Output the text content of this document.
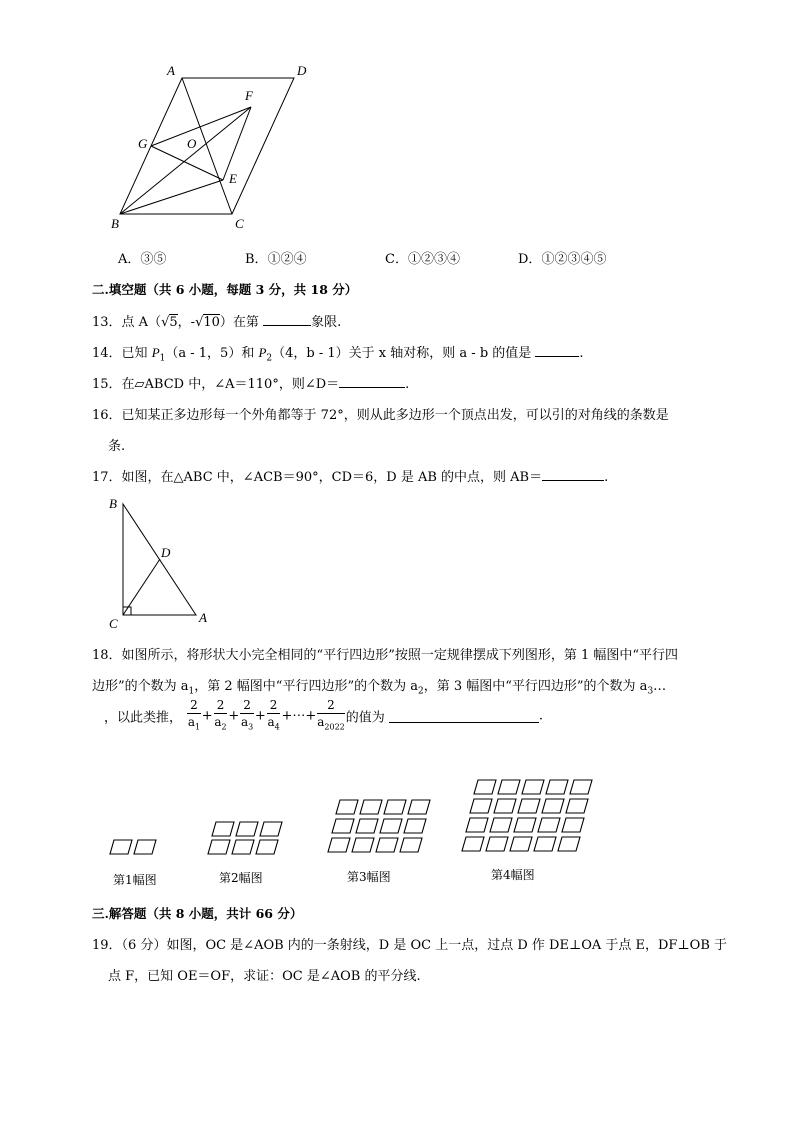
A	D
F
G	O
E
B	C
A．③⑤	B．①②④	C．①②③④	D．①②③④⑤
二.填空题（共 6 小题，每题 3 分，共 18 分）
13．点 A（√5，-√10）在第	象限.
14．已知 $P_1(a - 1$，5）和 $P_2(4$，b - 1）关于 x 轴对称，则 a - b 的值是	.
15．在▱ABCD 中，∠A＝110°，则∠D＝	.
16．已知某正多边形每一个外角都等于 72°，则从此多边形一个顶点出发，可以引的对角线的条数是
条.
17．如图，在△ABC 中，∠ACB＝90°，CD＝6，D 是 AB 的中点，则 AB＝	.
B
D
C	A
18．如图所示，将形状大小完全相同的“平行四边形”按照一定规律摆成下列图形，第 1 幅图中“平行四
边形”的个数为 $a_1$，第 2 幅图中“平行四边形”的个数为 $a_2$，第 3 幅图中“平行四边形”的个数为 $a_3\dots$
，以此类推， $\frac{2}{a_1} + \frac{2}{a_2} + \frac{2}{a_3} + \frac{2}{a_4}$ +⋯+ $\frac{2}{a_{2022}}$ 的值为	.
第1幅图	第2幅图	第3幅图	第4幅图
三.解答题（共 8 小题，共计 66 分）
19．（6 分）如图，OC 是∠AOB 内的一条射线，D 是 OC 上一点，过点 D 作 DE⊥OA 于点 E，DF⊥OB 于
点 F，已知 OE＝OF，求证：OC 是∠AOB 的平分线.
